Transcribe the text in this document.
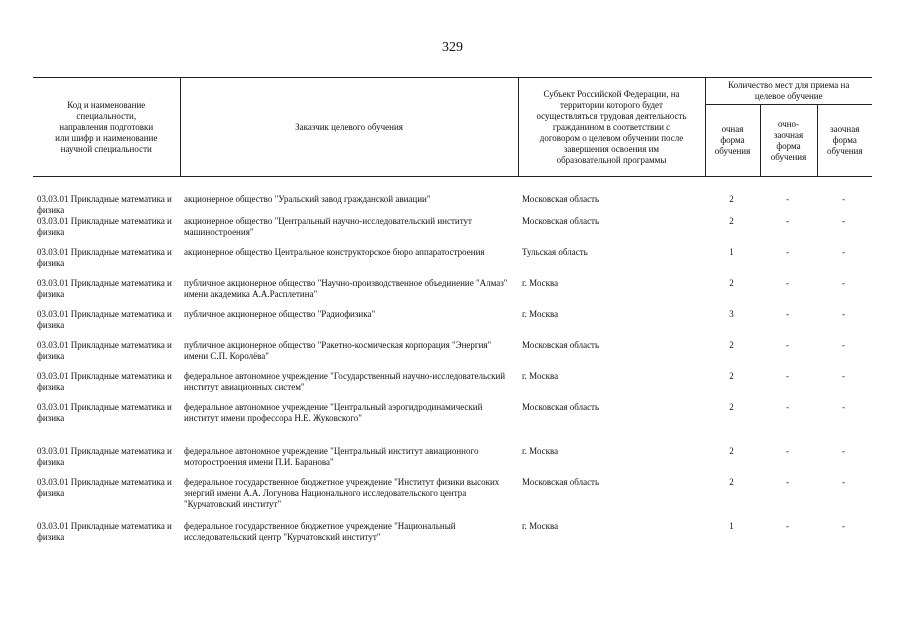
329
Код и наименование специальности, направления подготовки или шифр и наименование научной специальности	Заказчик целевого обучения	Субъект Российской Федерации, на территории которого будет осуществляться трудовая деятельность гражданином в соответствии с договором о целевом обучении после завершения освоения им образовательной программы	Количество мест для приема на целевое обучение		
			очная форма обучения	очно-заочная форма обучения	заочная форма обучения
03.03.01 Прикладные математика и физика	акционерное общество "Уральский завод гражданской авиации"	Московская область	2	-	-
03.03.01 Прикладные математика и физика	акционерное общество "Центральный научно-исследовательский институт машиностроения"	Московская область	2	-	-
03.03.01 Прикладные математика и физика	акционерное общество Центральное конструкторское бюро аппаратостроения	Тульская область	1	-	-
03.03.01 Прикладные математика и физика	публичное акционерное общество "Научно-производственное объединение "Алмаз" имени академика А.А.Расплетина"	г. Москва	2	-	-
03.03.01 Прикладные математика и физика	публичное акционерное общество "Радиофизика"	г. Москва	3	-	-
03.03.01 Прикладные математика и физика	публичное акционерное общество "Ракетно-космическая корпорация "Энергия" имени С.П. Королёва"	Московская область	2	-	-
03.03.01 Прикладные математика и физика	федеральное автономное учреждение "Государственный научно-исследовательский институт авиационных систем"	г. Москва	2	-	-
03.03.01 Прикладные математика и физика	федеральное автономное учреждение "Центральный аэрогидродинамический институт имени профессора Н.Е. Жуковского"	Московская область	2	-	-
03.03.01 Прикладные математика и физика	федеральное автономное учреждение "Центральный институт авиационного моторостроения имени П.И. Баранова"	г. Москва	2	-	-
03.03.01 Прикладные математика и физика	федеральное государственное бюджетное учреждение "Институт физики высоких энергий имени А.А. Логунова Национального исследовательского центра "Курчатовский институт"	Московская область	2	-	-
03.03.01 Прикладные математика и физика	федеральное государственное бюджетное учреждение "Национальный исследовательский центр "Курчатовский институт"	г. Москва	1	-	-
